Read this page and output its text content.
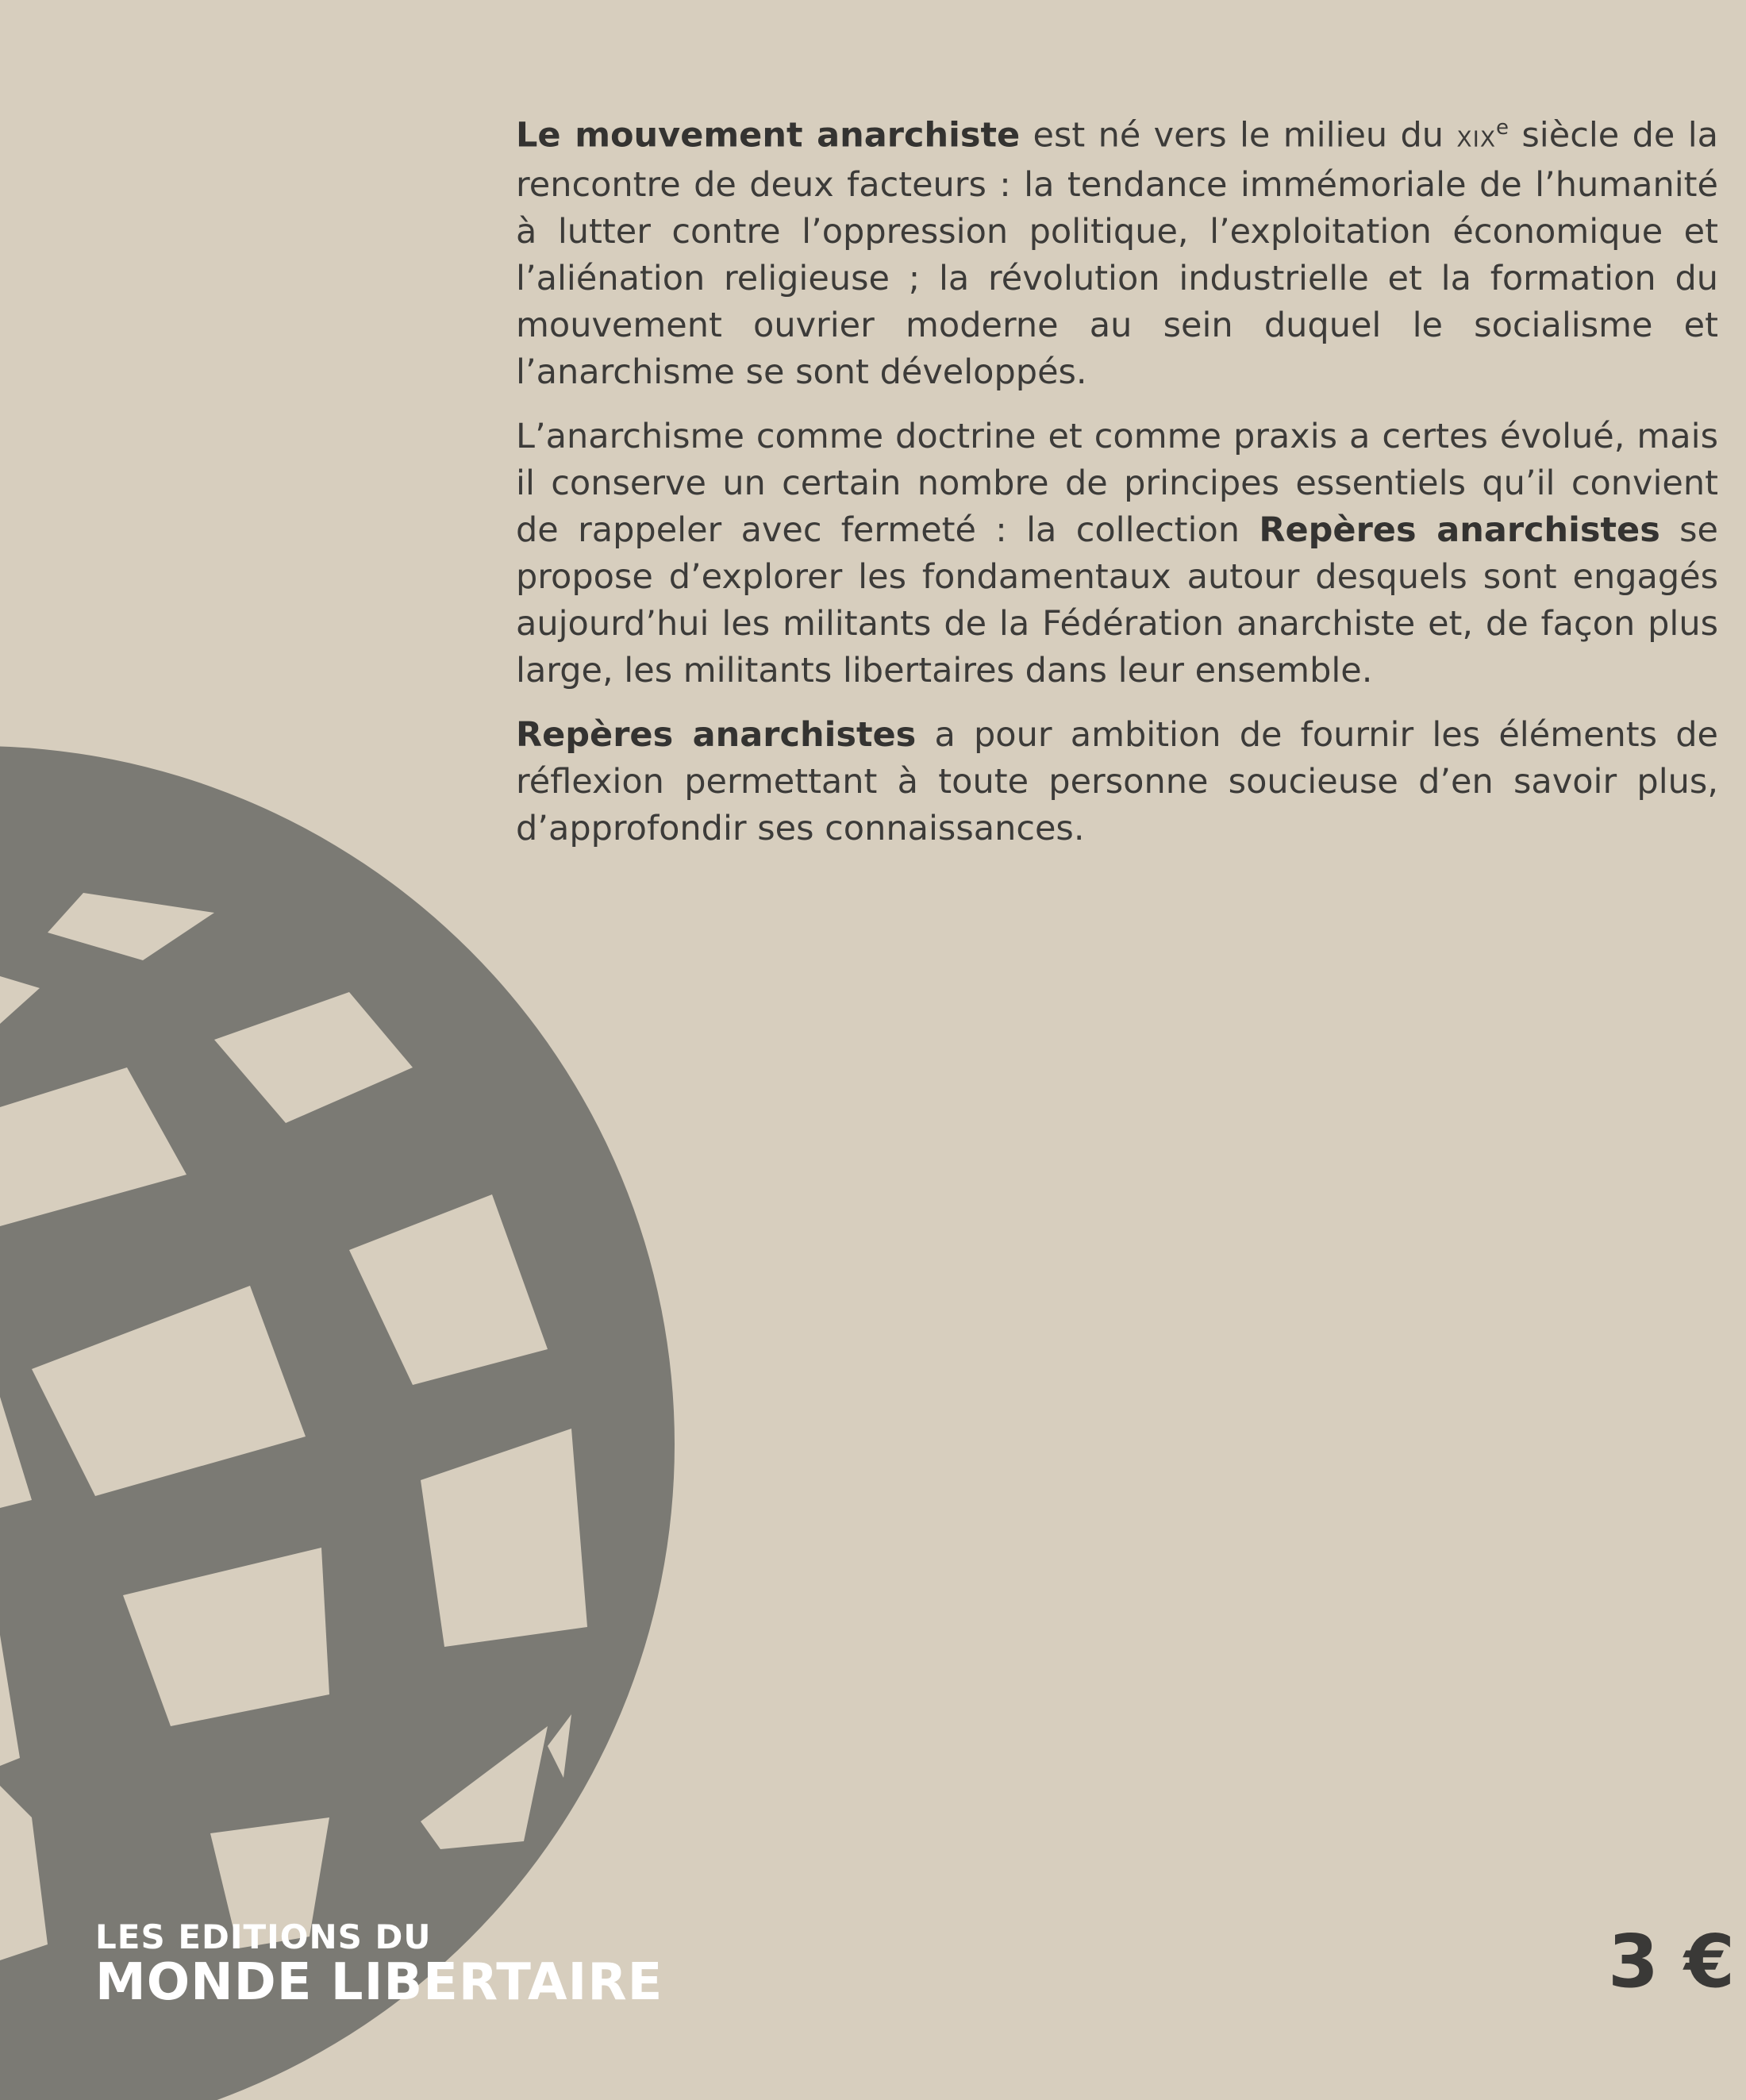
Le mouvement anarchiste est né vers le milieu du XIXe siècle de la rencontre de deux facteurs : la tendance immémoriale de l’humanité à lutter contre l’oppression politique, l’exploitation économique et l’aliénation religieuse ; la révolution industrielle et la formation du mouvement ouvrier moderne au sein duquel le socialisme et l’anarchisme se sont développés.

L’anarchisme comme doctrine et comme praxis a certes évolué, mais il conserve un certain nombre de principes essentiels qu’il convient de rappeler avec fermeté : la collection Repères anarchistes se propose d’explorer les fondamentaux autour desquels sont engagés aujourd’hui les militants de la Fédération anarchiste et, de façon plus large, les militants libertaires dans leur ensemble.

Repères anarchistes a pour ambition de fournir les éléments de réflexion permettant à toute personne soucieuse d’en savoir plus, d’approfondir ses connaissances.

LES EDITIONS DU
MONDE LIBERTAIRE	3 €
